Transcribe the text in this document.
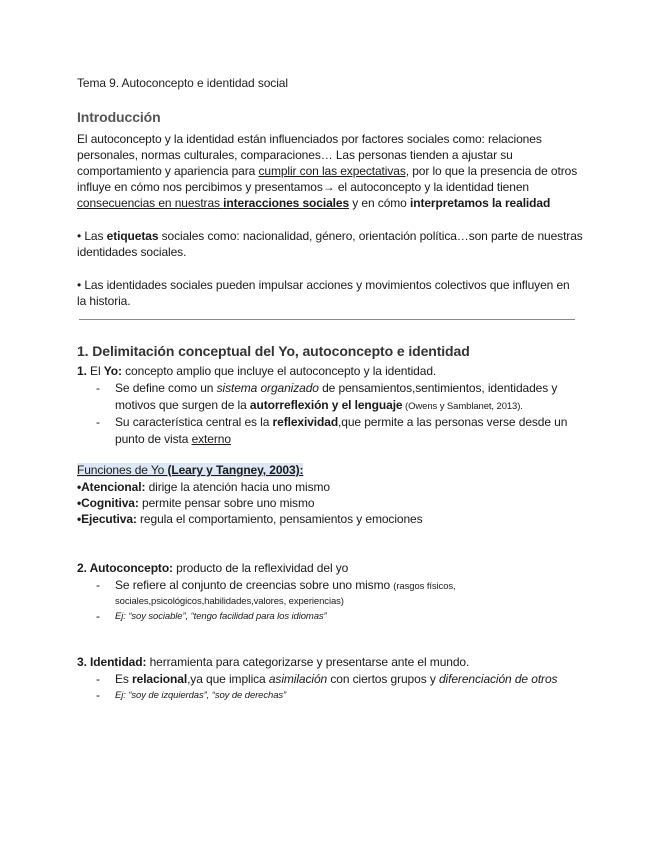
Tema 9. Autoconcepto e identidad social
Introducción
El autoconcepto y la identidad están influenciados por factores sociales como: relaciones
personales, normas culturales, comparaciones… Las personas tienden a ajustar su
comportamiento y apariencia para cumplir con las expectativas, por lo que la presencia de otros
influye en cómo nos percibimos y presentamos→ el autoconcepto y la identidad tienen
consecuencias en nuestras interacciones sociales y en cómo interpretamos la realidad
• Las etiquetas sociales como: nacionalidad, género, orientación política…son parte de nuestras
identidades sociales.
• Las identidades sociales pueden impulsar acciones y movimientos colectivos que influyen en
la historia.
1. Delimitación conceptual del Yo, autoconcepto e identidad
1. El Yo: concepto amplio que incluye el autoconcepto y la identidad.
- Se define como un sistema organizado de pensamientos,sentimientos, identidades y
motivos que surgen de la autorreflexión y el lenguaje (Owens y Samblanet, 2013).
- Su característica central es la reflexividad,que permite a las personas verse desde un
punto de vista externo
Funciones de Yo (Leary y Tangney, 2003):
•Atencional: dirige la atención hacia uno mismo
•Cognitiva: permite pensar sobre uno mismo
•Ejecutiva: regula el comportamiento, pensamientos y emociones
2. Autoconcepto: producto de la reflexividad del yo
- Se refiere al conjunto de creencias sobre uno mismo (rasgos físicos,
sociales,psicológicos,habilidades,valores, experiencias)
- Ej: “soy sociable”, “tengo facilidad para los idiomas”
3. Identidad: herramienta para categorizarse y presentarse ante el mundo.
- Es relacional,ya que implica asimilación con ciertos grupos y diferenciación de otros
- Ej: “soy de izquierdas”, “soy de derechas”
